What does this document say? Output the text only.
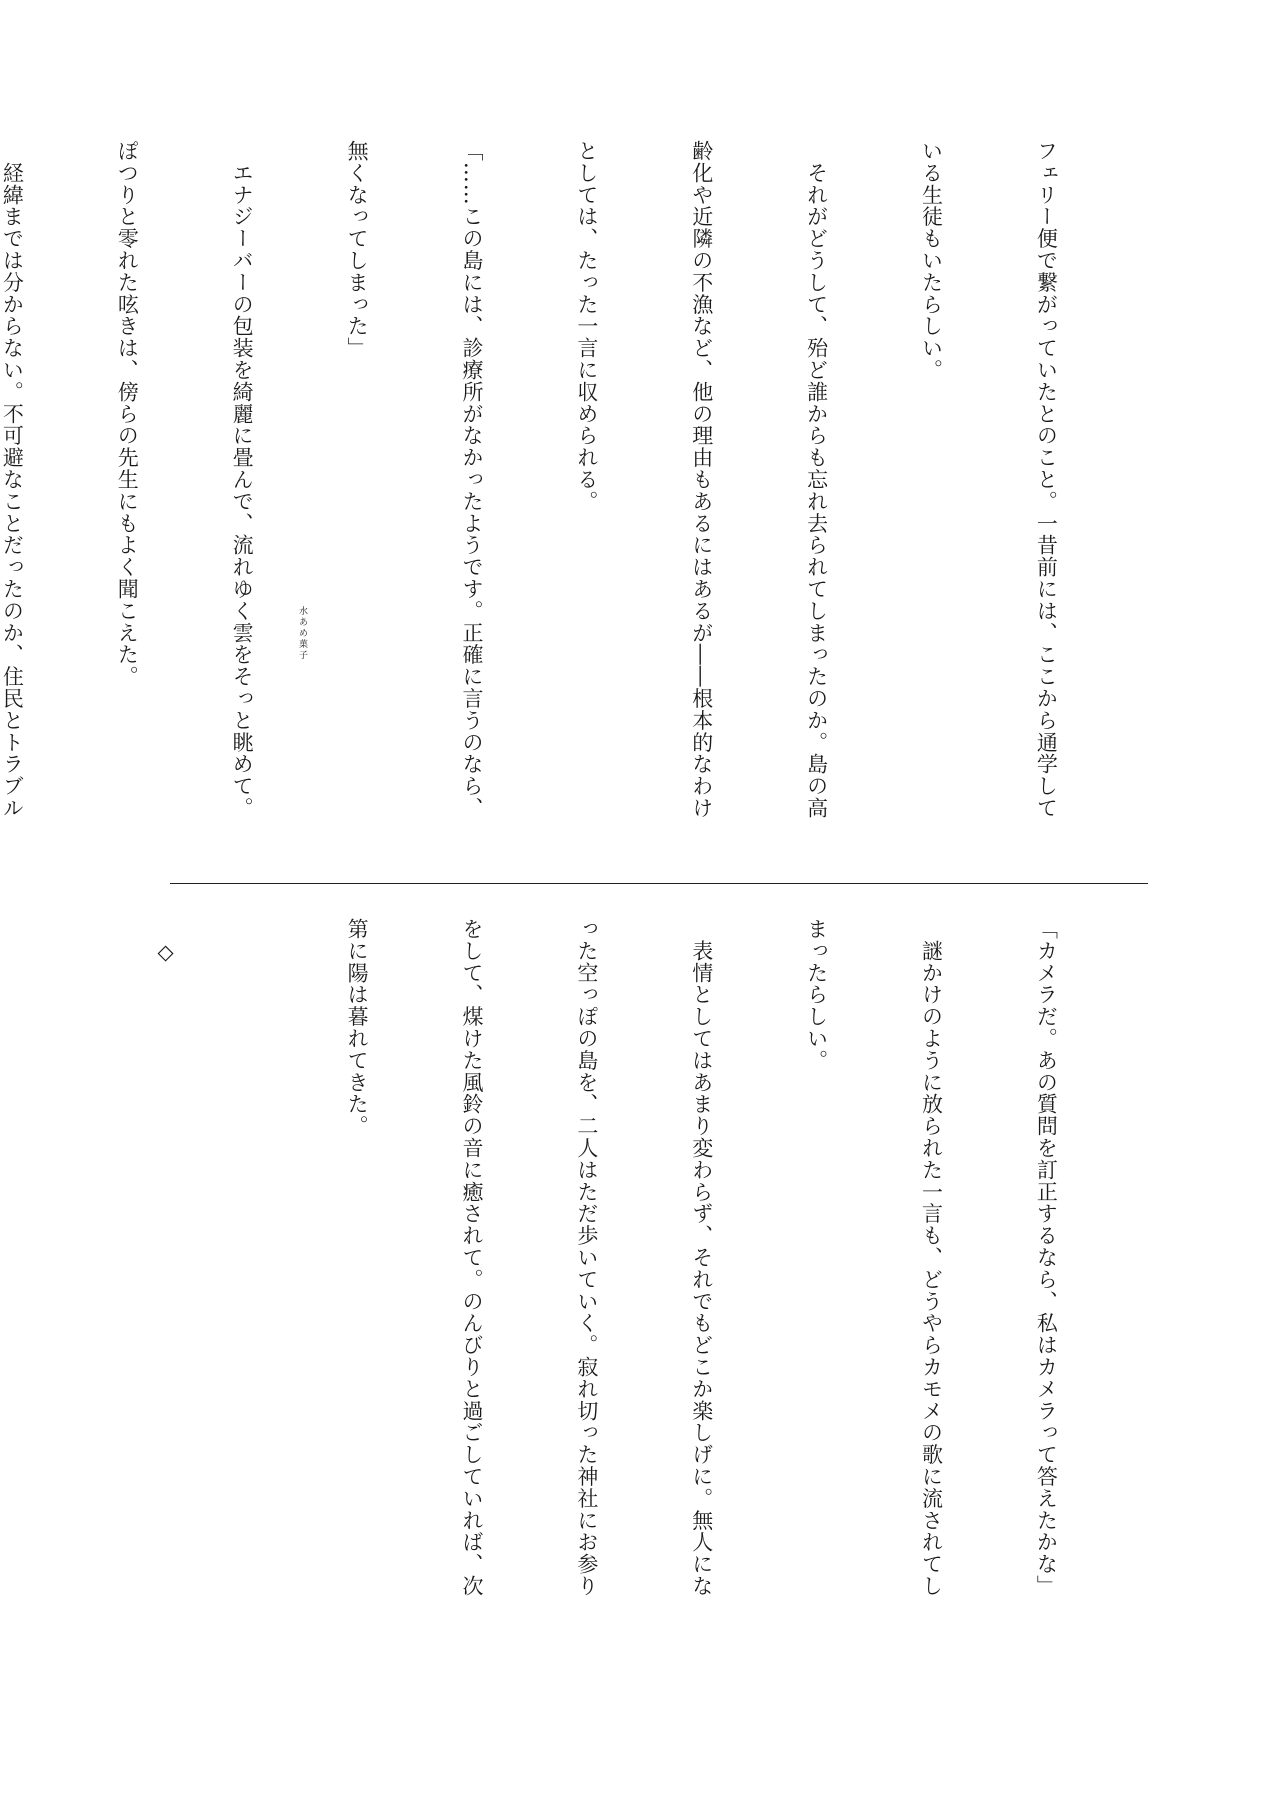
フェリー便で繋がっていたとのこと。一昔前には、ここから通学して

いる生徒もいたらしい。

　それがどうして、殆ど誰からも忘れ去られてしまったのか。島の高

齢化や近隣の不漁など、他の理由もあるにはあるが――根本的なわけ

としては、たった一言に収められる。

「……この島には、診療所がなかったようです。正確に言うのなら、

無くなってしまった」

　エナジーバーの包装を綺麗に畳んで、流れゆく雲をそっと眺めて。

ぽつりと零れた呟きは、傍らの先生にもよく聞こえた。

　経緯までは分からない。不可避なことだったのか、住民とトラブル

「カメラだ。あの質問を訂正するなら、私はカメラって答えたかな」

　謎かけのように放られた一言も、どうやらカモメの歌に流されてし

まったらしい。

　表情としてはあまり変わらず、それでもどこか楽しげに。無人にな

った空っぽの島を、二人はただ歩いていく。寂れ切った神社にお参り

をして、煤けた風鈴の音に癒されて。のんびりと過ごしていれば、次

第に陽は暮れてきた。

　◇

水あめ菓子
